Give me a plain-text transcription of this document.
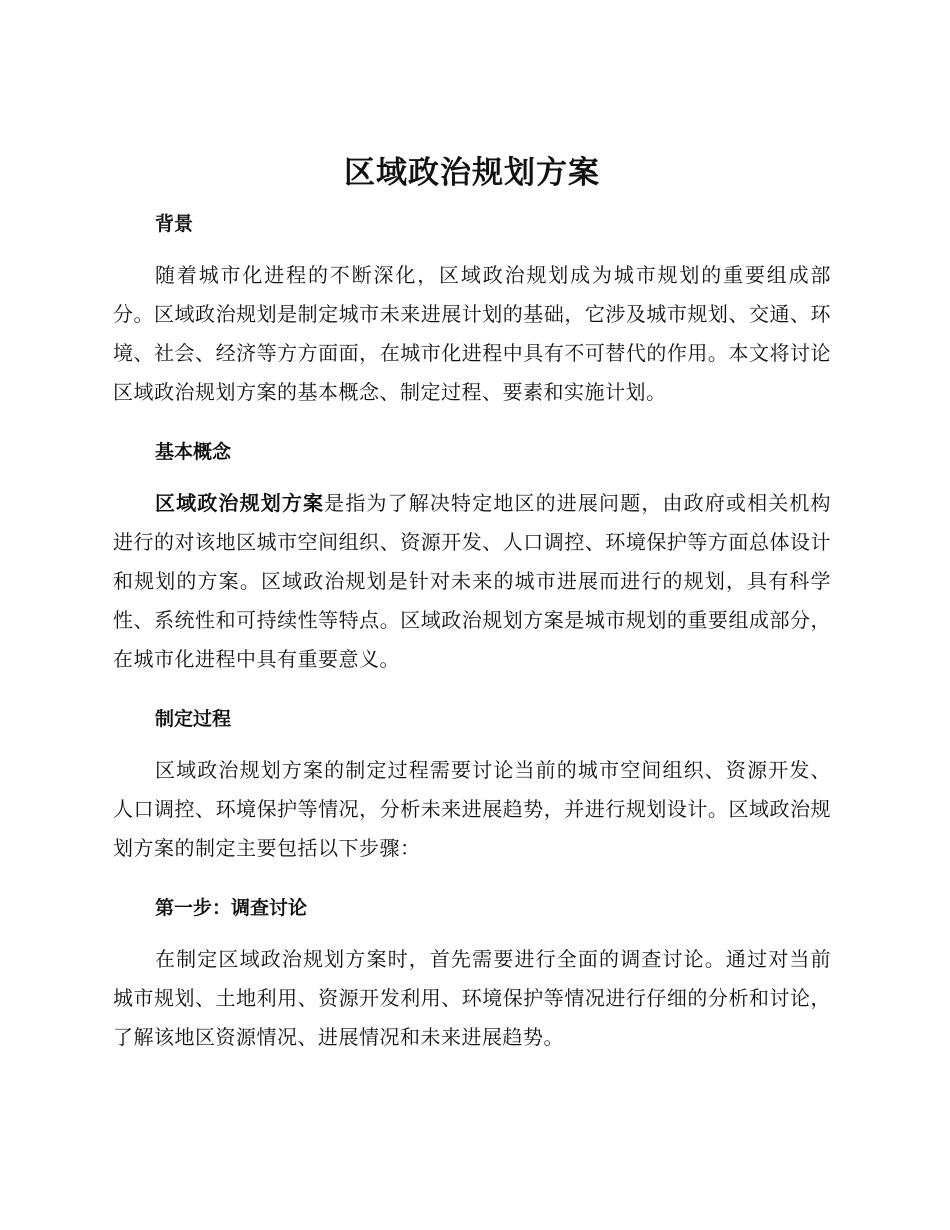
区域政治规划方案
背景

随着城市化进程的不断深化，区域政治规划成为城市规划的重要组成部分。区域政治规划是制定城市未来进展计划的基础，它涉及城市规划、交通、环境、社会、经济等方方面面，在城市化进程中具有不可替代的作用。本文将讨论区域政治规划方案的基本概念、制定过程、要素和实施计划。

基本概念

区域政治规划方案是指为了解决特定地区的进展问题，由政府或相关机构进行的对该地区城市空间组织、资源开发、人口调控、环境保护等方面总体设计和规划的方案。区域政治规划是针对未来的城市进展而进行的规划，具有科学性、系统性和可持续性等特点。区域政治规划方案是城市规划的重要组成部分，在城市化进程中具有重要意义。

制定过程

区域政治规划方案的制定过程需要讨论当前的城市空间组织、资源开发、人口调控、环境保护等情况，分析未来进展趋势，并进行规划设计。区域政治规划方案的制定主要包括以下步骤：

第一步：调查讨论

在制定区域政治规划方案时，首先需要进行全面的调查讨论。通过对当前城市规划、土地利用、资源开发利用、环境保护等情况进行仔细的分析和讨论，了解该地区资源情况、进展情况和未来进展趋势。
